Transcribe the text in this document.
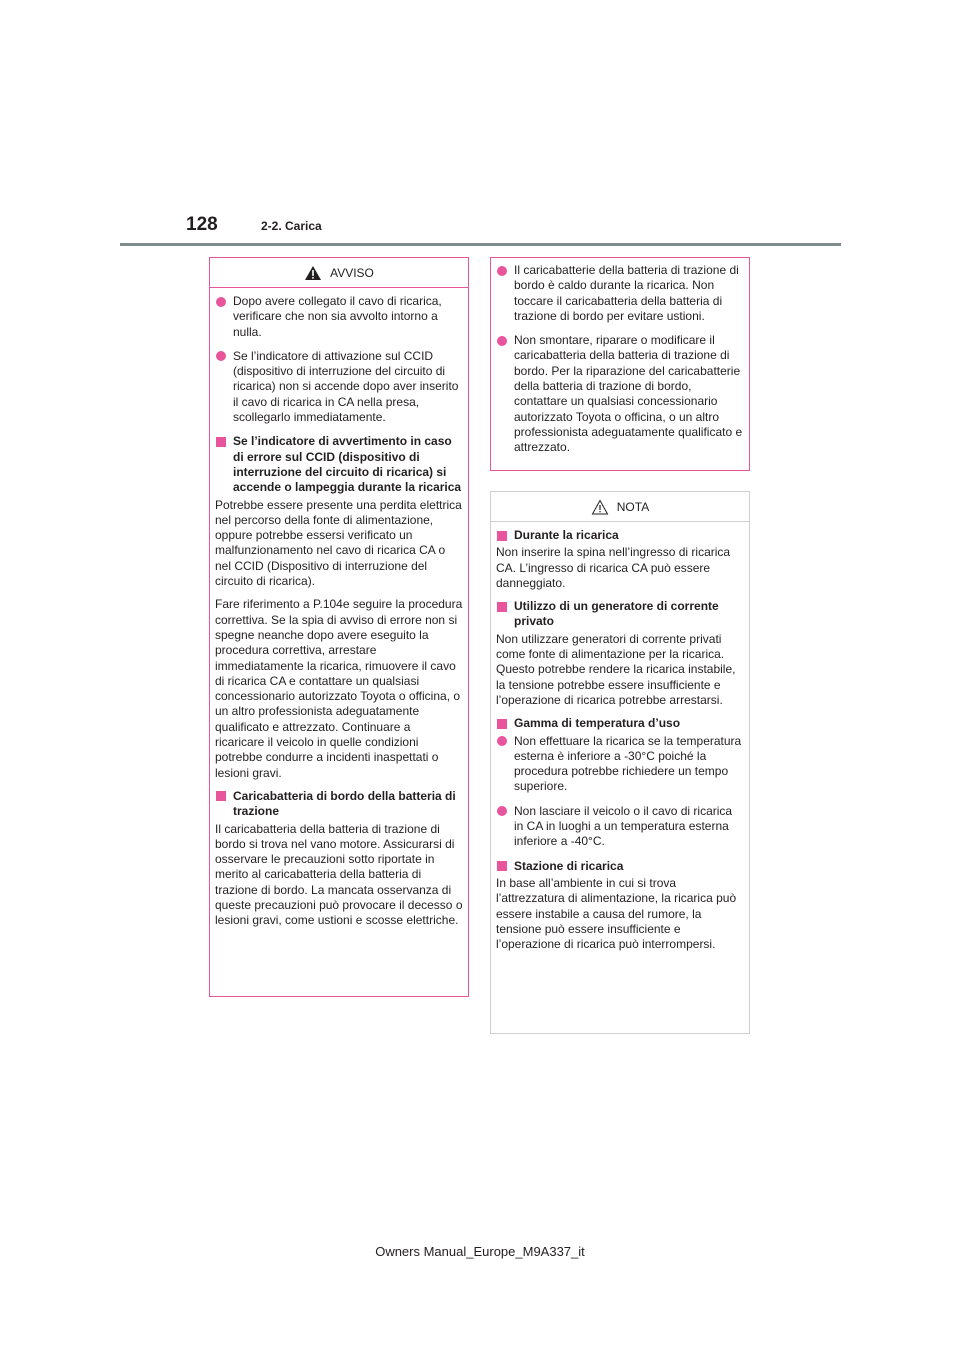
128	2-2. Carica
AVVISO
Dopo avere collegato il cavo di ricarica, verificare che non sia avvolto intorno a nulla.
Se l’indicatore di attivazione sul CCID (dispositivo di interruzione del circuito di ricarica) non si accende dopo aver inserito il cavo di ricarica in CA nella presa, scollegarlo immediatamente.
Se l’indicatore di avvertimento in caso di errore sul CCID (dispositivo di interruzione del circuito di ricarica) si accende o lampeggia durante la ricarica
Potrebbe essere presente una perdita elettrica nel percorso della fonte di alimentazione, oppure potrebbe essersi verificato un malfunzionamento nel cavo di ricarica CA o nel CCID (Dispositivo di interruzione del circuito di ricarica).
Fare riferimento a P.104e seguire la procedura correttiva. Se la spia di avviso di errore non si spegne neanche dopo avere eseguito la procedura correttiva, arrestare immediatamente la ricarica, rimuovere il cavo di ricarica CA e contattare un qualsiasi concessionario autorizzato Toyota o officina, o un altro professionista adeguatamente qualificato e attrezzato. Continuare a ricaricare il veicolo in quelle condizioni potrebbe condurre a incidenti inaspettati o lesioni gravi.
Caricabatteria di bordo della batteria di trazione
Il caricabatteria della batteria di trazione di bordo si trova nel vano motore. Assicurarsi di osservare le precauzioni sotto riportate in merito al caricabatteria della batteria di trazione di bordo. La mancata osservanza di queste precauzioni può provocare il decesso o lesioni gravi, come ustioni e scosse elettriche.
Il caricabatterie della batteria di trazione di bordo è caldo durante la ricarica. Non toccare il caricabatteria della batteria di trazione di bordo per evitare ustioni.
Non smontare, riparare o modificare il caricabatteria della batteria di trazione di bordo. Per la riparazione del caricabatterie della batteria di trazione di bordo, contattare un qualsiasi concessionario autorizzato Toyota o officina, o un altro professionista adeguatamente qualificato e attrezzato.
NOTA
Durante la ricarica
Non inserire la spina nell’ingresso di ricarica CA. L’ingresso di ricarica CA può essere danneggiato.
Utilizzo di un generatore di corrente privato
Non utilizzare generatori di corrente privati come fonte di alimentazione per la ricarica. Questo potrebbe rendere la ricarica instabile, la tensione potrebbe essere insufficiente e l’operazione di ricarica potrebbe arrestarsi.
Gamma di temperatura d’uso
Non effettuare la ricarica se la temperatura esterna è inferiore a -30°C poiché la procedura potrebbe richiedere un tempo superiore.
Non lasciare il veicolo o il cavo di ricarica in CA in luoghi a un temperatura esterna inferiore a -40°C.
Stazione di ricarica
In base all’ambiente in cui si trova l’attrezzatura di alimentazione, la ricarica può essere instabile a causa del rumore, la tensione può essere insufficiente e l’operazione di ricarica può interrompersi.
Owners Manual_Europe_M9A337_it
